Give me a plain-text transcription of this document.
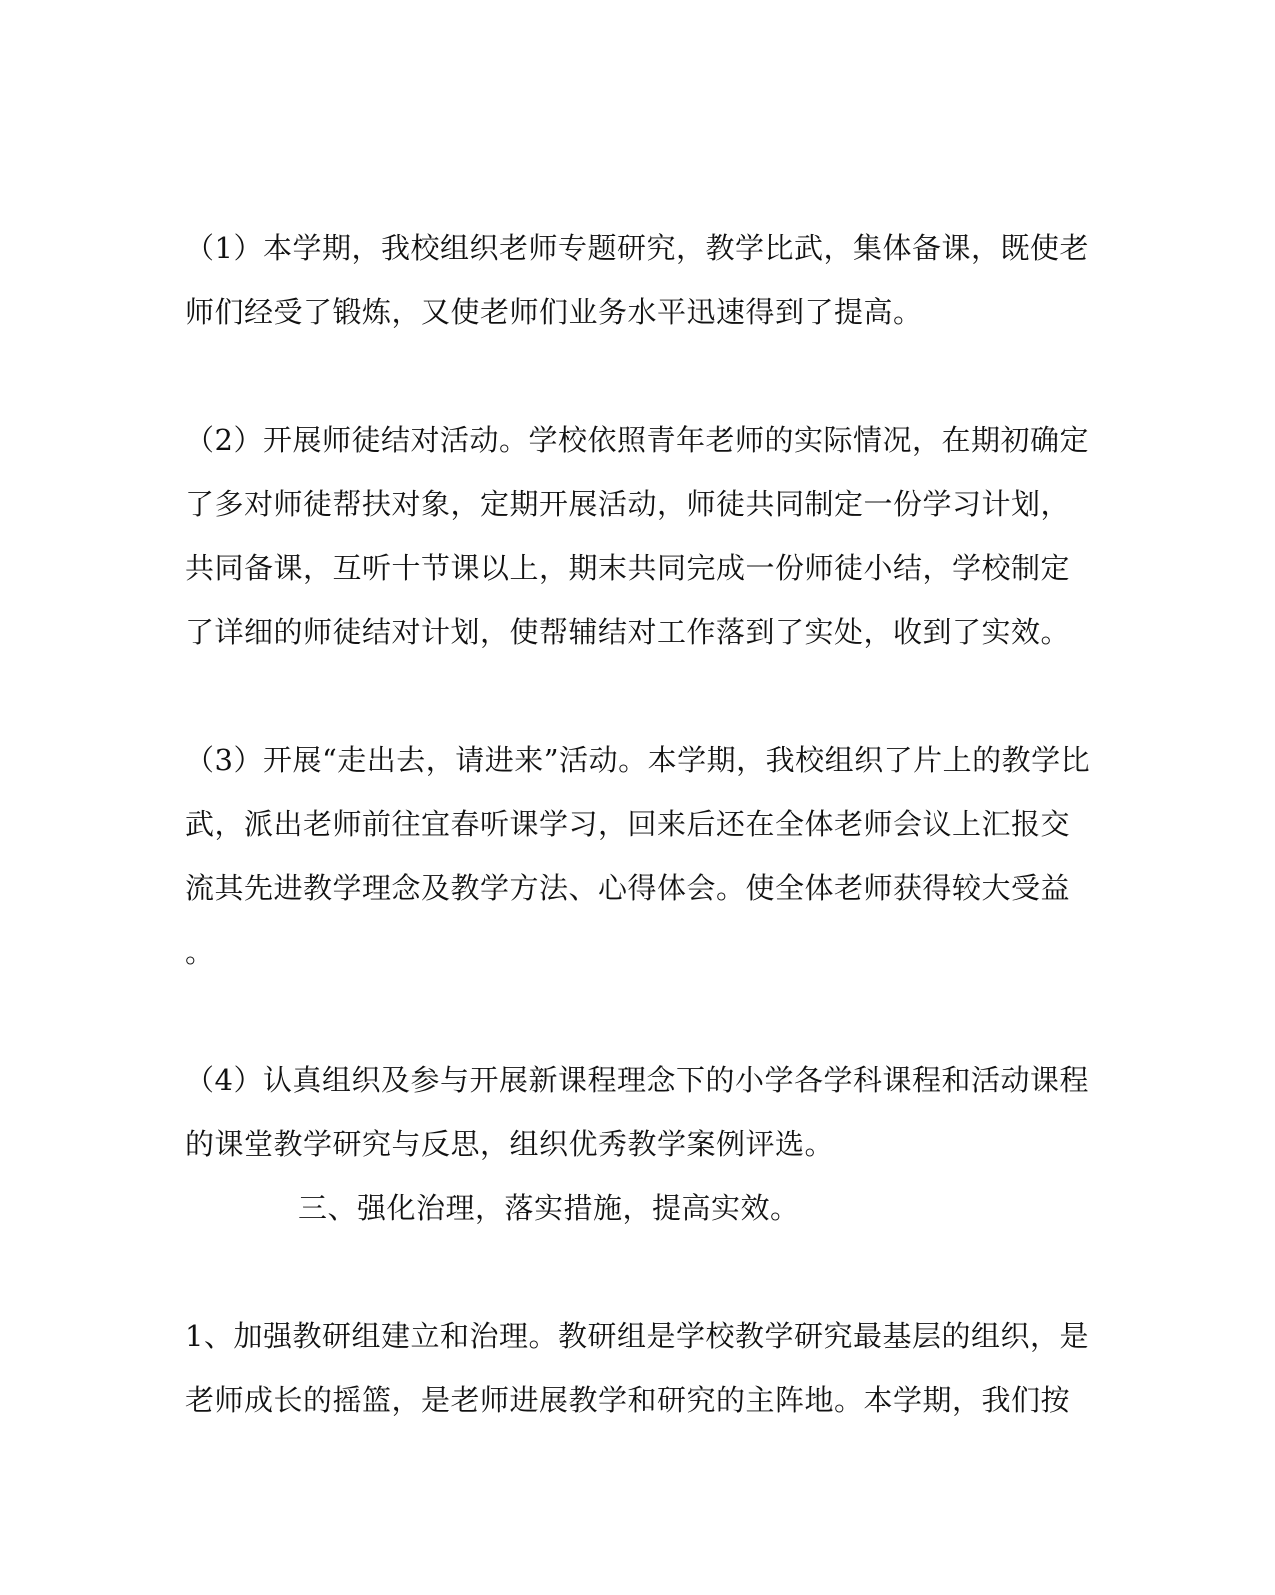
（1）本学期，我校组织老师专题研究，教学比武，集体备课，既使老
师们经受了锻炼，又使老师们业务水平迅速得到了提高。
（2）开展师徒结对活动。学校依照青年老师的实际情况，在期初确定
了多对师徒帮扶对象，定期开展活动，师徒共同制定一份学习计划，
共同备课，互听十节课以上，期末共同完成一份师徒小结，学校制定
了详细的师徒结对计划，使帮辅结对工作落到了实处，收到了实效。
（3）开展“走出去，请进来”活动。本学期，我校组织了片上的教学比
武，派出老师前往宜春听课学习，回来后还在全体老师会议上汇报交
流其先进教学理念及教学方法、心得体会。使全体老师获得较大受益
。
（4）认真组织及参与开展新课程理念下的小学各学科课程和活动课程
的课堂教学研究与反思，组织优秀教学案例评选。
三、强化治理，落实措施，提高实效。
1、加强教研组建立和治理。教研组是学校教学研究最基层的组织，是
老师成长的摇篮，是老师进展教学和研究的主阵地。本学期，我们按
